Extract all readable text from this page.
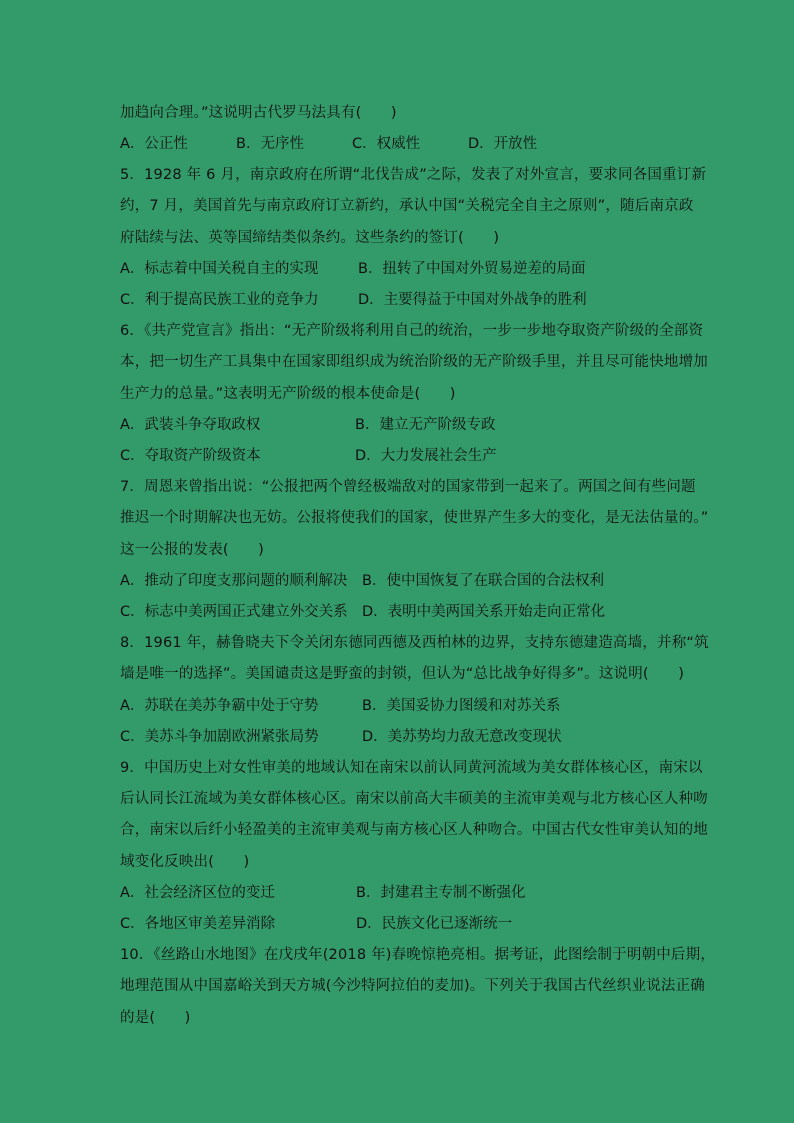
加趋向合理。”这说明古代罗马法具有(　　)
A．公正性	B．无序性	C．权威性	D．开放性
5．1928 年 6 月，南京政府在所谓“北伐告成”之际，发表了对外宣言，要求同各国重订新
约，7 月，美国首先与南京政府订立新约，承认中国“关税完全自主之原则”，随后南京政
府陆续与法、英等国缔结类似条约。这些条约的签订(　　)
A．标志着中国关税自主的实现	B．扭转了中国对外贸易逆差的局面
C．利于提高民族工业的竞争力	D．主要得益于中国对外战争的胜利
6．《共产党宣言》指出：“无产阶级将利用自己的统治，一步一步地夺取资产阶级的全部资
本，把一切生产工具集中在国家即组织成为统治阶级的无产阶级手里，并且尽可能快地增加
生产力的总量。”这表明无产阶级的根本使命是(　　)
A．武装斗争夺取政权	B．建立无产阶级专政
C．夺取资产阶级资本	D．大力发展社会生产
7．周恩来曾指出说：“公报把两个曾经极端敌对的国家带到一起来了。两国之间有些问题
推迟一个时期解决也无妨。公报将使我们的国家，使世界产生多大的变化，是无法估量的。”
这一公报的发表(　　)
A．推动了印度支那问题的顺利解决 B．使中国恢复了在联合国的合法权利
C．标志中美两国正式建立外交关系 D．表明中美两国关系开始走向正常化
8．1961 年，赫鲁晓夫下令关闭东德同西德及西柏林的边界，支持东德建造高墙，并称“筑
墙是唯一的选择”。美国谴责这是野蛮的封锁，但认为“总比战争好得多”。这说明(　　)
A．苏联在美苏争霸中处于守势	B．美国妥协力图缓和对苏关系
C．美苏斗争加剧欧洲紧张局势	D．美苏势均力敌无意改变现状
9．中国历史上对女性审美的地域认知在南宋以前认同黄河流域为美女群体核心区，南宋以
后认同长江流域为美女群体核心区。南宋以前高大丰硕美的主流审美观与北方核心区人种吻
合，南宋以后纤小轻盈美的主流审美观与南方核心区人种吻合。中国古代女性审美认知的地
域变化反映出(　　)
A．社会经济区位的变迁	B．封建君主专制不断强化
C．各地区审美差异消除	D．民族文化已逐渐统一
10．《丝路山水地图》在戊戌年(2018 年)春晚惊艳亮相。据考证，此图绘制于明朝中后期，
地理范围从中国嘉峪关到天方城(今沙特阿拉伯的麦加)。下列关于我国古代丝织业说法正确
的是(　　)
